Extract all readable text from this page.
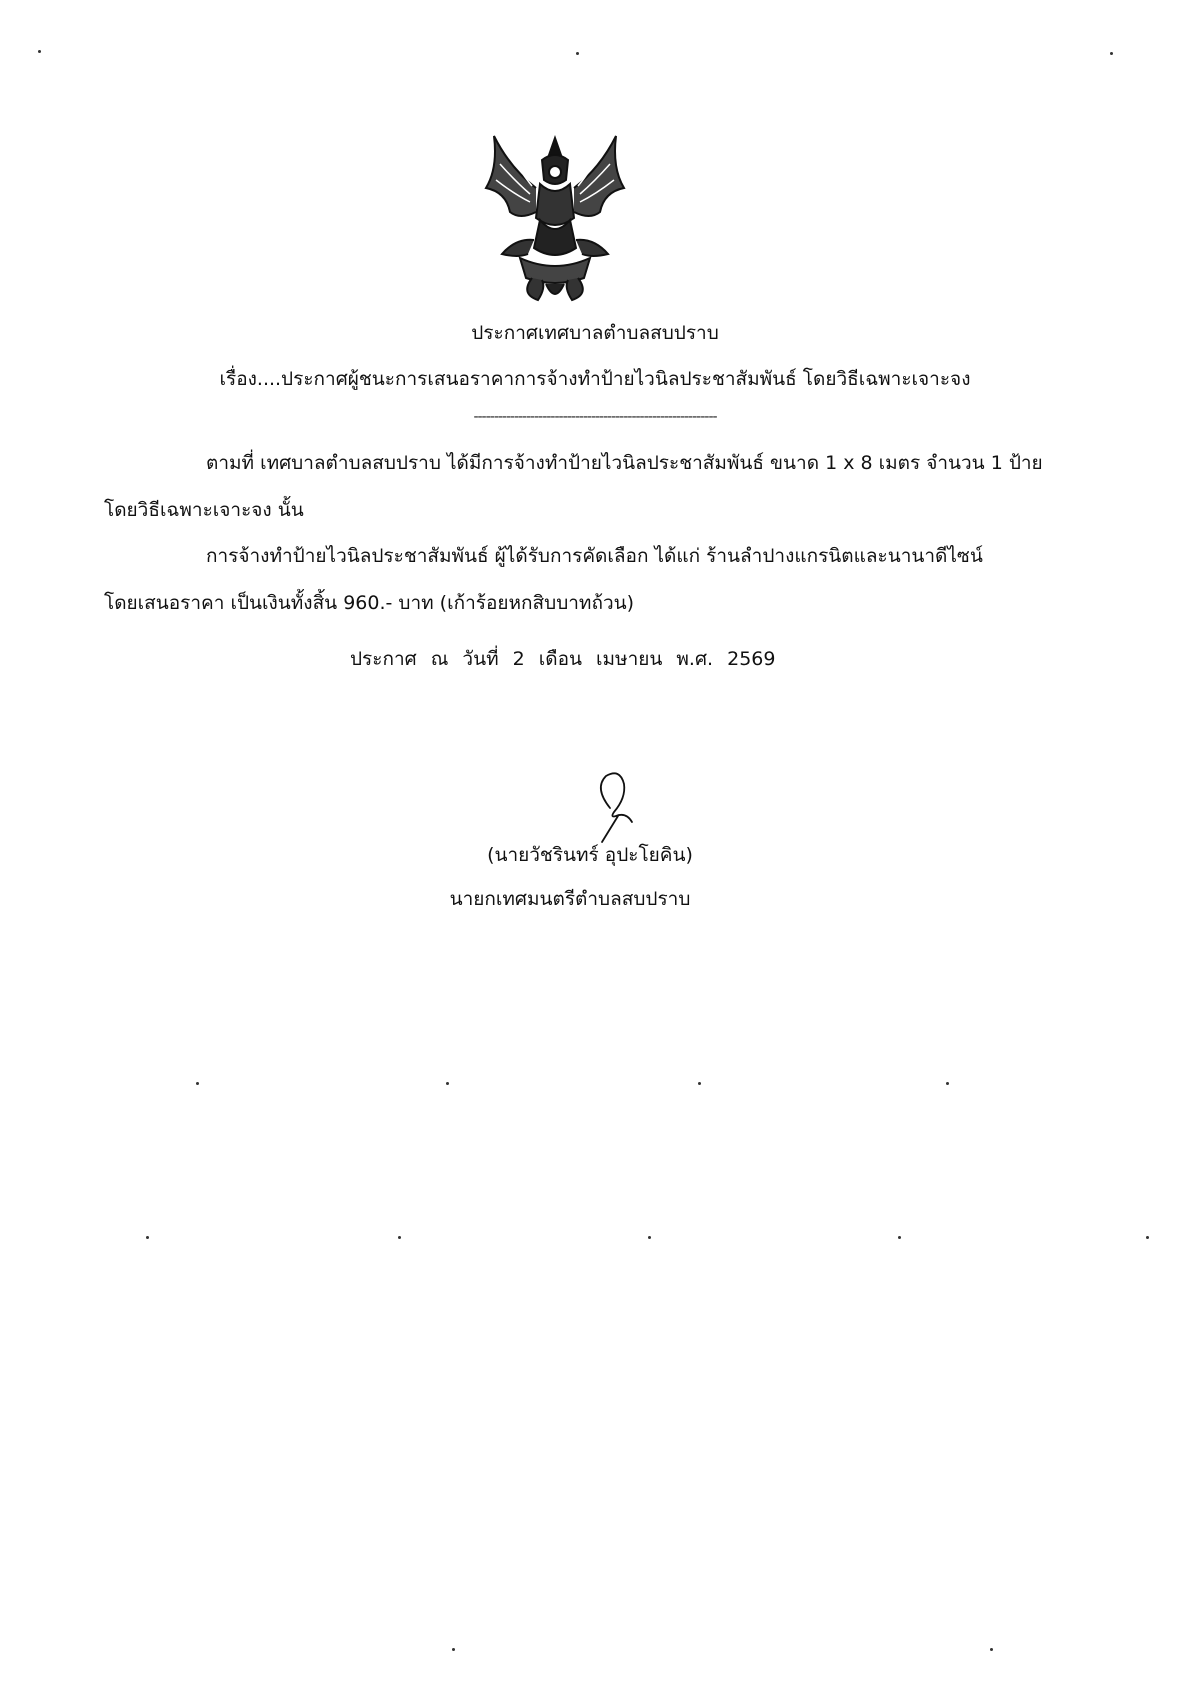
ประกาศเทศบาลตำบลสบปราบ
เรื่อง....ประกาศผู้ชนะการเสนอราคาการจ้างทำป้ายไวนิลประชาสัมพันธ์ โดยวิธีเฉพาะเจาะจง
------------------------------------------------------------
ตามที่ เทศบาลตำบลสบปราบ ได้มีการจ้างทำป้ายไวนิลประชาสัมพันธ์ ขนาด 1 x 8 เมตร จำนวน 1 ป้าย
โดยวิธีเฉพาะเจาะจง นั้น
การจ้างทำป้ายไวนิลประชาสัมพันธ์ ผู้ได้รับการคัดเลือก ได้แก่ ร้านลำปางแกรนิตและนานาดีไซน์
โดยเสนอราคา เป็นเงินทั้งสิ้น 960.- บาท (เก้าร้อยหกสิบบาทถ้วน)
ประกาศ ณ วันที่ 2 เดือน เมษายน พ.ศ. 2569
(นายวัชรินทร์ อุปะโยคิน)
นายกเทศมนตรีตำบลสบปราบ
